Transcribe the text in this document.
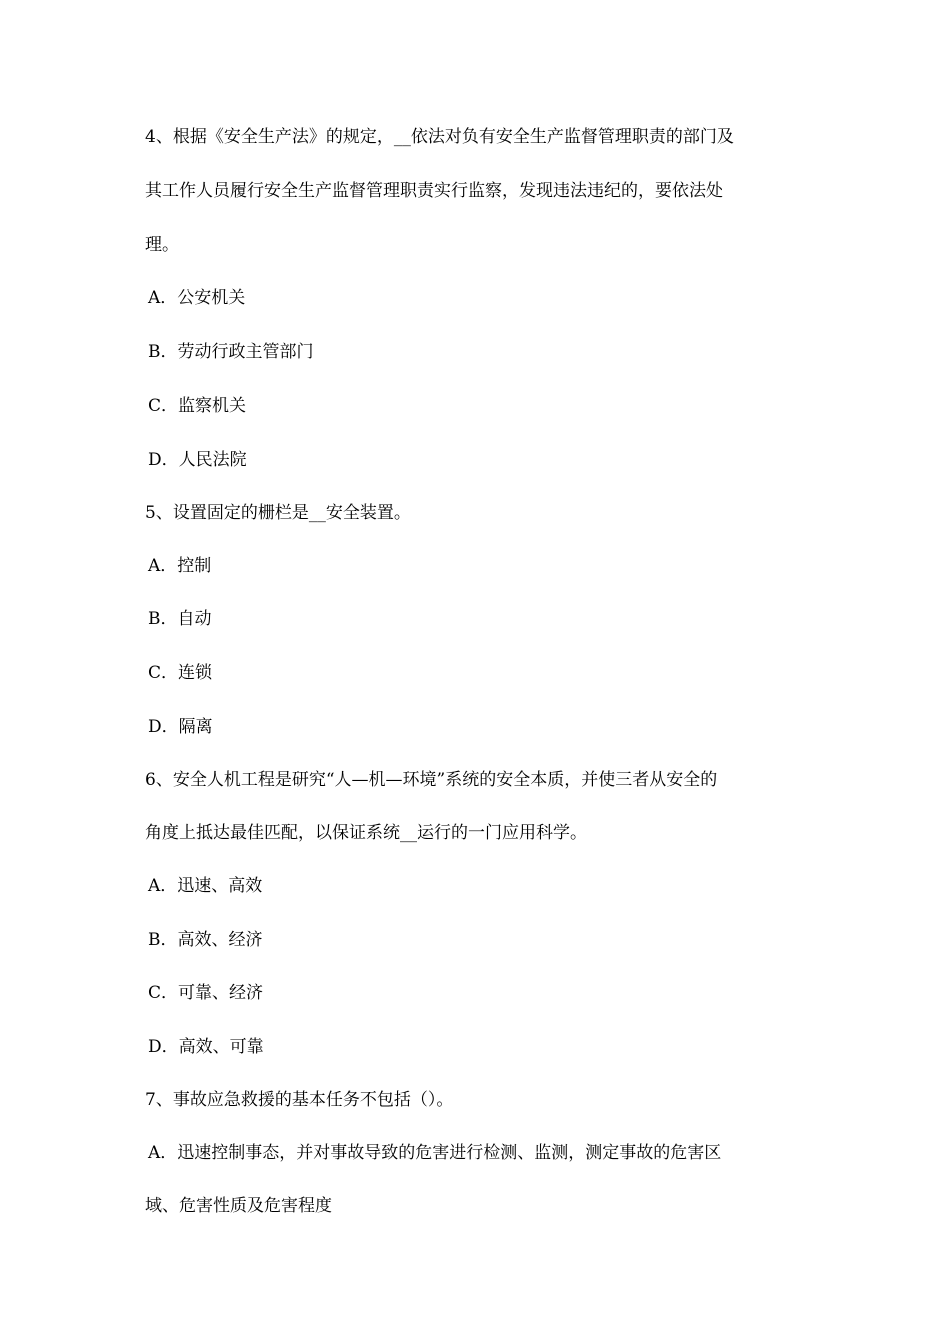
4、根据《安全生产法》的规定，__依法对负有安全生产监督管理职责的部门及
其工作人员履行安全生产监督管理职责实行监察，发现违法违纪的，要依法处
理。
A．公安机关
B．劳动行政主管部门
C．监察机关
D．人民法院
5、设置固定的栅栏是__安全装置。
A．控制
B．自动
C．连锁
D．隔离
6、安全人机工程是研究“人—机—环境”系统的安全本质，并使三者从安全的
角度上抵达最佳匹配，以保证系统__运行的一门应用科学。
A．迅速、高效
B．高效、经济
C．可靠、经济
D．高效、可靠
7、事故应急救援的基本任务不包括（）。
A．迅速控制事态，并对事故导致的危害进行检测、监测，测定事故的危害区
域、危害性质及危害程度
